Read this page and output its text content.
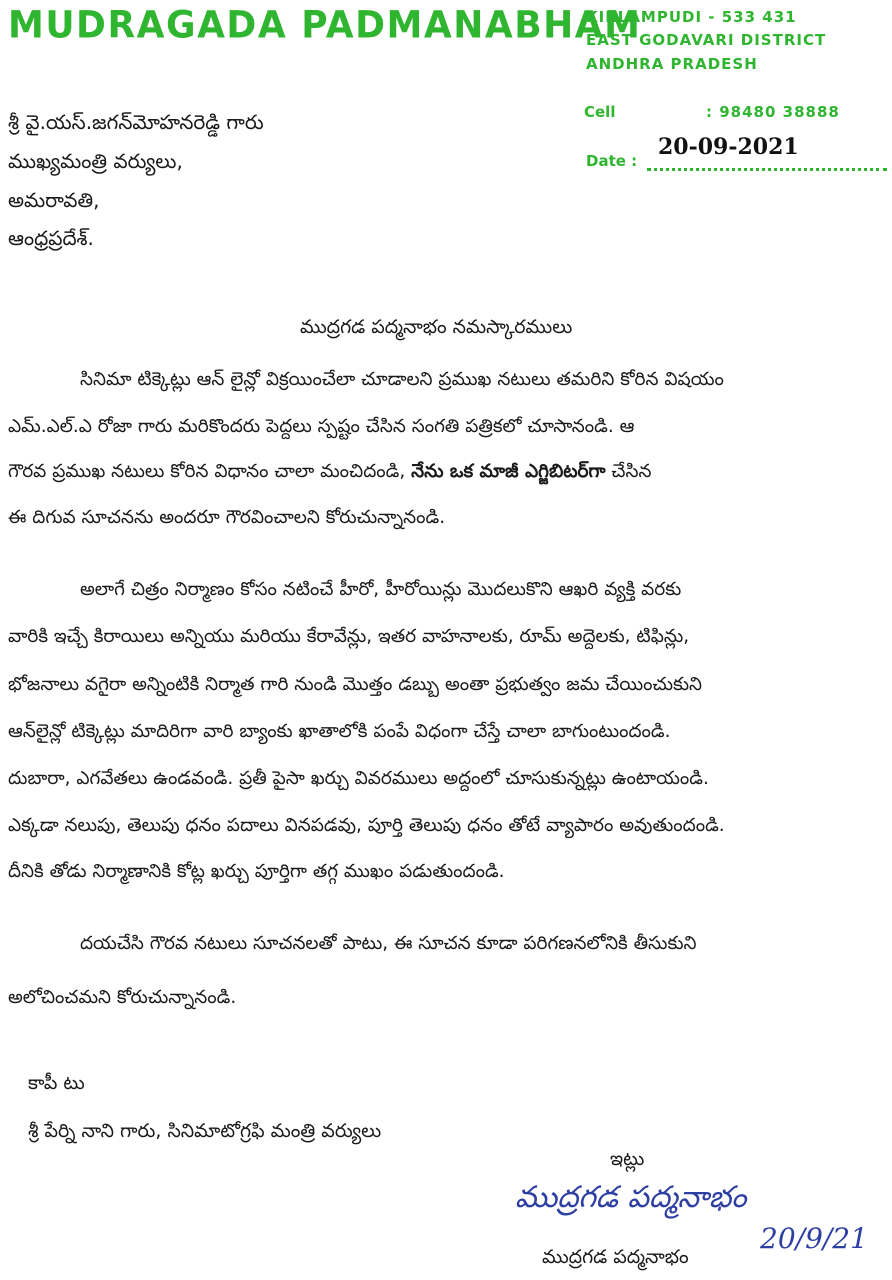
MUDRAGADA PADMANABHAM
KIRLAMPUDI - 533 431
EAST GODAVARI DISTRICT
ANDHRA PRADESH
Cell	: 98480 38888
Date :
20-09-2021
శ్రీ వై.యస్.జగన్‌మోహనరెడ్డి గారు
ముఖ్యమంత్రి వర్యులు,
అమరావతి,
ఆంధ్రప్రదేశ్.
ముద్రగడ పద్మనాభం నమస్కారములు
సినిమా టిక్కెట్లు ఆన్ లైన్లో విక్రయించేలా చూడాలని ప్రముఖ నటులు తమరిని కోరిన విషయం
ఎమ్.ఎల్.ఎ రోజా గారు మరికొందరు పెద్దలు స్పష్టం చేసిన సంగతి పత్రికలో చూసానండి. ఆ
గౌరవ ప్రముఖ నటులు కోరిన విధానం చాలా మంచిదండి, నేను ఒక మాజీ ఎగ్జిబిటర్‌గా చేసిన
ఈ దిగువ సూచనను అందరూ గౌరవించాలని కోరుచున్నానండి.
అలాగే చిత్రం నిర్మాణం కోసం నటించే హీరో, హీరోయిన్లు మొదలుకొని ఆఖరి వ్యక్తి వరకు
వారికి ఇచ్చే కిరాయిలు అన్నియు మరియు కేరావేన్లు, ఇతర వాహనాలకు, రూమ్ అద్దెలకు, టిఫిన్లు,
భోజనాలు వగైరా అన్నింటికి నిర్మాత గారి నుండి మొత్తం డబ్బు అంతా ప్రభుత్వం జమ చేయించుకుని
ఆన్‌లైన్లో టిక్కెట్లు మాదిరిగా వారి బ్యాంకు ఖాతాలోకి పంపే విధంగా చేస్తే చాలా బాగుంటుందండి.
దుబారా, ఎగవేతలు ఉండవండి. ప్రతీ పైసా ఖర్చు వివరములు అద్దంలో చూసుకున్నట్లు ఉంటాయండి.
ఎక్కడా నలుపు, తెలుపు ధనం పదాలు వినపడవు, పూర్తి తెలుపు ధనం తోటే వ్యాపారం అవుతుందండి.
దీనికి తోడు నిర్మాణానికి కోట్ల ఖర్చు పూర్తిగా తగ్గ ముఖం పడుతుందండి.
దయచేసి గౌరవ నటులు సూచనలతో పాటు, ఈ సూచన కూడా పరిగణనలోనికి తీసుకుని
అలోచించమని కోరుచున్నానండి.
కాపీ టు
శ్రీ పేర్ని నాని గారు, సినిమాటోగ్రఫి మంత్రి వర్యులు
ఇట్లు
ముద్రగడ పద్మనాభం
20/9/21
ముద్రగడ పద్మనాభం
